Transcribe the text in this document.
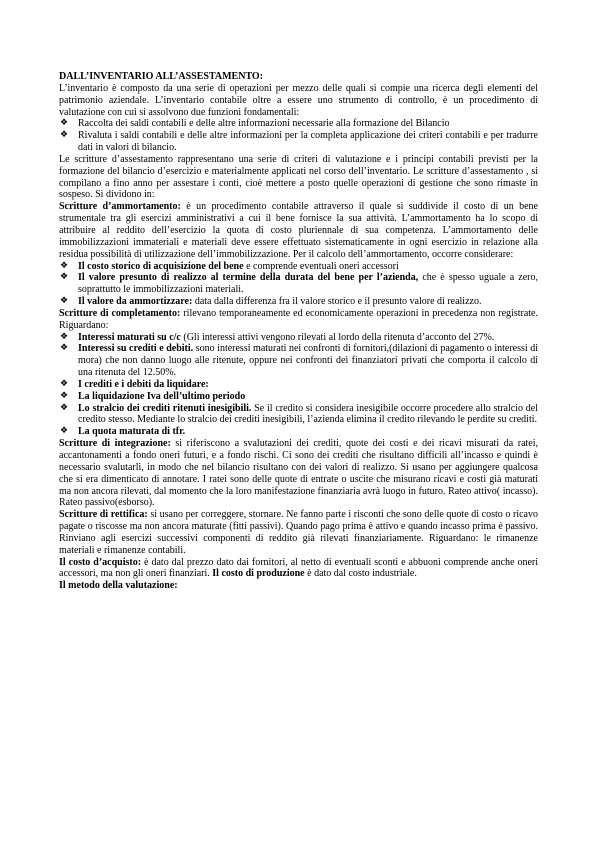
DALL’INVENTARIO ALL’ASSESTAMENTO:

L’inventario è composto da una serie di operazioni per mezzo delle quali si compie una ricerca degli elementi del patrimonio aziendale. L’inventario contabile oltre a essere uno strumento di controllo, è un procedimento di valutazione con cui si assolvono due funzioni fondamentali:

❖ Raccolta dei saldi contabili e delle altre informazioni necessarie alla formazione del Bilancio
❖ Rivaluta i saldi contabili e delle altre informazioni per la completa applicazione dei criteri contabili e per tradurre dati in valori di bilancio.

Le scritture d’assestamento rappresentano una serie di criteri di valutazione e i principi contabili previsti per la formazione del bilancio d’esercizio e materialmente applicati nel corso dell’inventario. Le scritture d’assestamento , si compilano a fino anno per assestare i conti, cioè mettere a posto quelle operazioni di gestione che sono rimaste in sospeso. Si dividono in:

Scritture d’ammortamento: è un procedimento contabile attraverso il quale si suddivide il costo di un bene strumentale tra gli esercizi amministrativi a cui il bene fornisce la sua attività. L’ammortamento ha lo scopo di attribuire al reddito dell’esercizio la quota di costo pluriennale di sua competenza. L’ammortamento delle immobilizzazioni immateriali e materiali deve essere effettuato sistematicamente in ogni esercizio in relazione alla residua possibilità di utilizzazione dell’immobilizzazione. Per il calcolo dell’ammortamento, occorre considerare:

❖ Il costo storico di acquisizione del bene e comprende eventuali oneri accessori
❖ Il valore presunto di realizzo al termine della durata del bene per l’azienda, che è spesso uguale a zero, soprattutto le immobilizzazioni materiali.
❖ Il valore da ammortizzare: data dalla differenza fra il valore storico e il presunto valore di realizzo.

Scritture di completamento: rilevano temporaneamente ed economicamente operazioni in precedenza non registrate. Riguardano:

❖ Interessi maturati su c/c (Gli interessi attivi vengono rilevati al lordo della ritenuta d’acconto del 27%.
❖ Interessi su crediti e debiti. sono interessi maturati nei confronti di fornitori,(dilazioni di pagamento o interessi di mora) che non danno luogo alle ritenute, oppure nei confronti dei finanziatori privati che comporta il calcolo di una ritenuta del 12.50%.
❖ I crediti e i debiti da liquidare:
❖ La liquidazione Iva dell’ultimo periodo
❖ Lo stralcio dei crediti ritenuti inesigibili. Se il credito si considera inesigibile occorre procedere allo stralcio del credito stesso. Mediante lo stralcio dei crediti inesigibili, l’azienda elimina il credito rilevando le perdite su crediti.
❖ La quota maturata di tfr.

Scritture di integrazione: si riferiscono a svalutazioni dei crediti, quote dei costi e dei ricavi misurati da ratei, accantonamenti a fondo oneri futuri, e a fondo rischi. Ci sono dei crediti che risultano difficili all’incasso e quindi è necessario svalutarli, in modo che nel bilancio risultano con dei valori di realizzo. Si usano per aggiungere qualcosa che si era dimenticato di annotare. I ratei sono delle quote di entrate o uscite che misurano ricavi e costi già maturati ma non ancora rilevati, dal momento che la loro manifestazione finanziaria avrà luogo in futuro. Rateo attivo( incasso). Rateo passivo(esborso).

Scritture di rettifica: si usano per correggere, stornare. Ne fanno parte i risconti che sono delle quote di costo o ricavo pagate o riscosse ma non ancora maturate (fitti passivi). Quando pago prima è attivo e quando incasso prima è passivo. Rinviano agli esercizi successivi componenti di reddito già rilevati finanziariamente. Riguardano: le rimanenze materiali e rimanenze contabili.

Il costo d’acquisto: è dato dal prezzo dato dai fornitori, al netto di eventuali sconti e abbuoni comprende anche oneri accessori, ma non gli oneri finanziari. Il costo di produzione è dato dal costo industriale.

Il metodo della valutazione:
